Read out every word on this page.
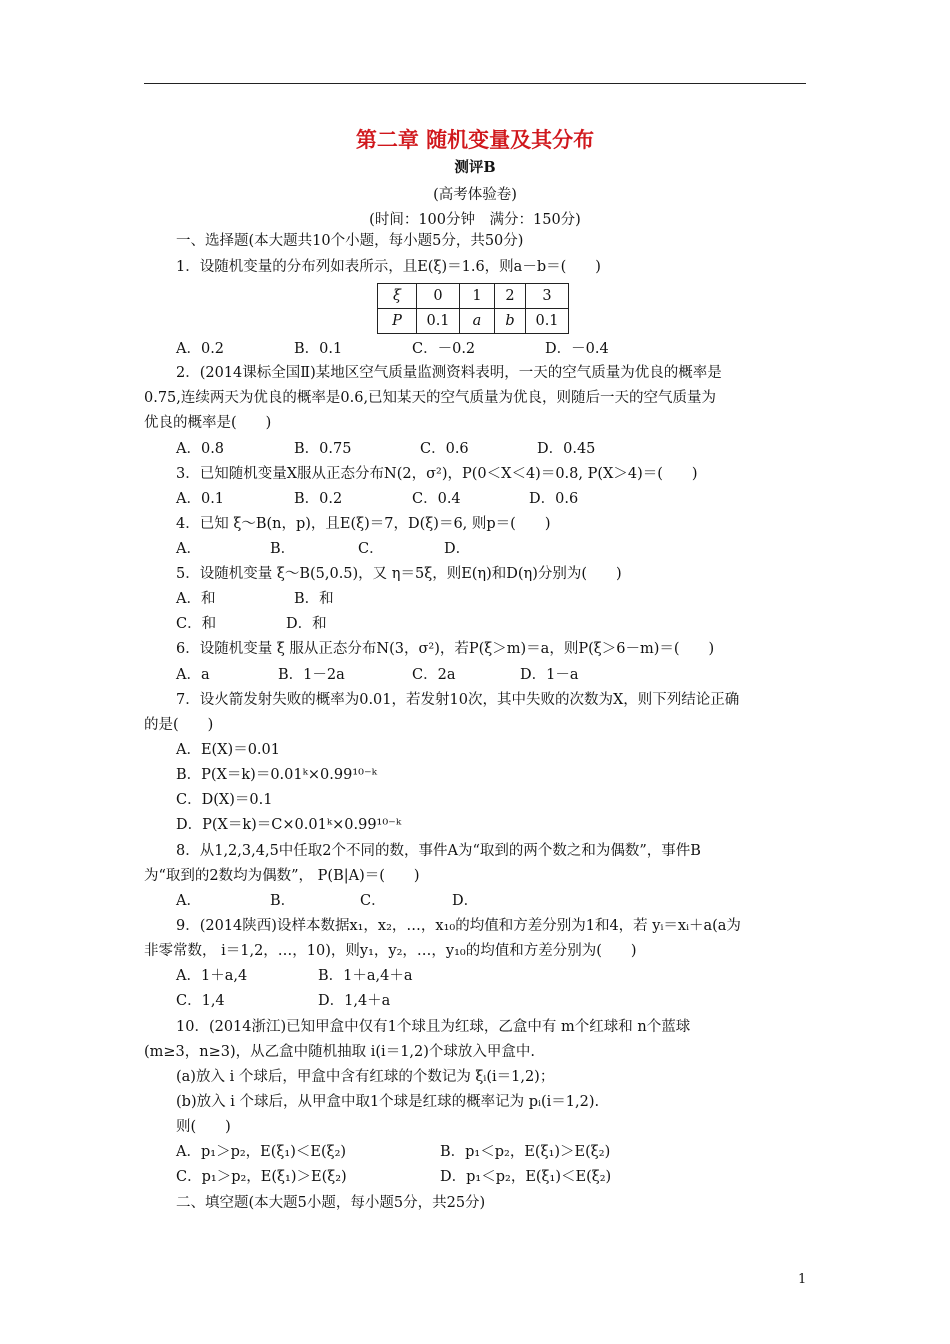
第二章 随机变量及其分布
测评B
(高考体验卷)
(时间：100分钟　满分：150分)
一、选择题(本大题共10个小题，每小题5分，共50分)
1．设随机变量的分布列如表所示，且E(ξ)＝1.6，则a－b＝(　　)
ξ	0	1	2	3
P	0.1	a	b	0.1
A．0.2	B．0.1	C．－0.2	D．－0.4
2．(2014课标全国Ⅱ)某地区空气质量监测资料表明，一天的空气质量为优良的概率是
0.75,连续两天为优良的概率是0.6,已知某天的空气质量为优良，则随后一天的空气质量为
优良的概率是(　　)
A．0.8	B．0.75	C．0.6	D．0.45
3．已知随机变量X服从正态分布N(2，σ²)，P(0＜X＜4)＝0.8, P(X＞4)＝(　　)
A．0.1	B．0.2	C．0.4	D．0.6
4．已知 ξ～B(n，p)，且E(ξ)＝7，D(ξ)＝6, 则p＝(　　)
A．	B．	C．	D．
5．设随机变量 ξ～B(5,0.5)，又 η＝5ξ，则E(η)和D(η)分别为(　　)
A．和	B．和
C．和	D．和
6．设随机变量 ξ 服从正态分布N(3，σ²)，若P(ξ＞m)＝a，则P(ξ＞6－m)＝(　　)
A．a	B．1－2a	C．2a	D．1－a
7．设火箭发射失败的概率为0.01，若发射10次，其中失败的次数为X，则下列结论正确
的是(　　)
A．E(X)＝0.01
B．P(X＝k)＝0.01ᵏ×0.99¹⁰⁻ᵏ
C．D(X)＝0.1
D．P(X＝k)＝C×0.01ᵏ×0.99¹⁰⁻ᵏ
8．从1,2,3,4,5中任取2个不同的数，事件A为“取到的两个数之和为偶数”，事件B
为“取到的2数均为偶数”， P(B|A)＝(　　)
A．	B．	C．	D．
9．(2014陕西)设样本数据x₁，x₂，…，x₁₀的均值和方差分别为1和4，若 yᵢ＝xᵢ＋a(a为
非零常数， i＝1,2，…，10)，则y₁，y₂，…，y₁₀的均值和方差分别为(　　)
A．1＋a,4	B．1＋a,4＋a
C．1,4	D．1,4＋a
10．(2014浙江)已知甲盒中仅有1个球且为红球，乙盒中有 m个红球和 n个蓝球
(m≥3，n≥3)，从乙盒中随机抽取 i(i＝1,2)个球放入甲盒中.
(a)放入 i 个球后，甲盒中含有红球的个数记为 ξᵢ(i＝1,2)；
(b)放入 i 个球后，从甲盒中取1个球是红球的概率记为 pᵢ(i＝1,2).
则(　　)
A．p₁＞p₂，E(ξ₁)＜E(ξ₂)	B．p₁＜p₂，E(ξ₁)＞E(ξ₂)
C．p₁＞p₂，E(ξ₁)＞E(ξ₂)	D．p₁＜p₂，E(ξ₁)＜E(ξ₂)
二、填空题(本大题5小题，每小题5分，共25分)
1
